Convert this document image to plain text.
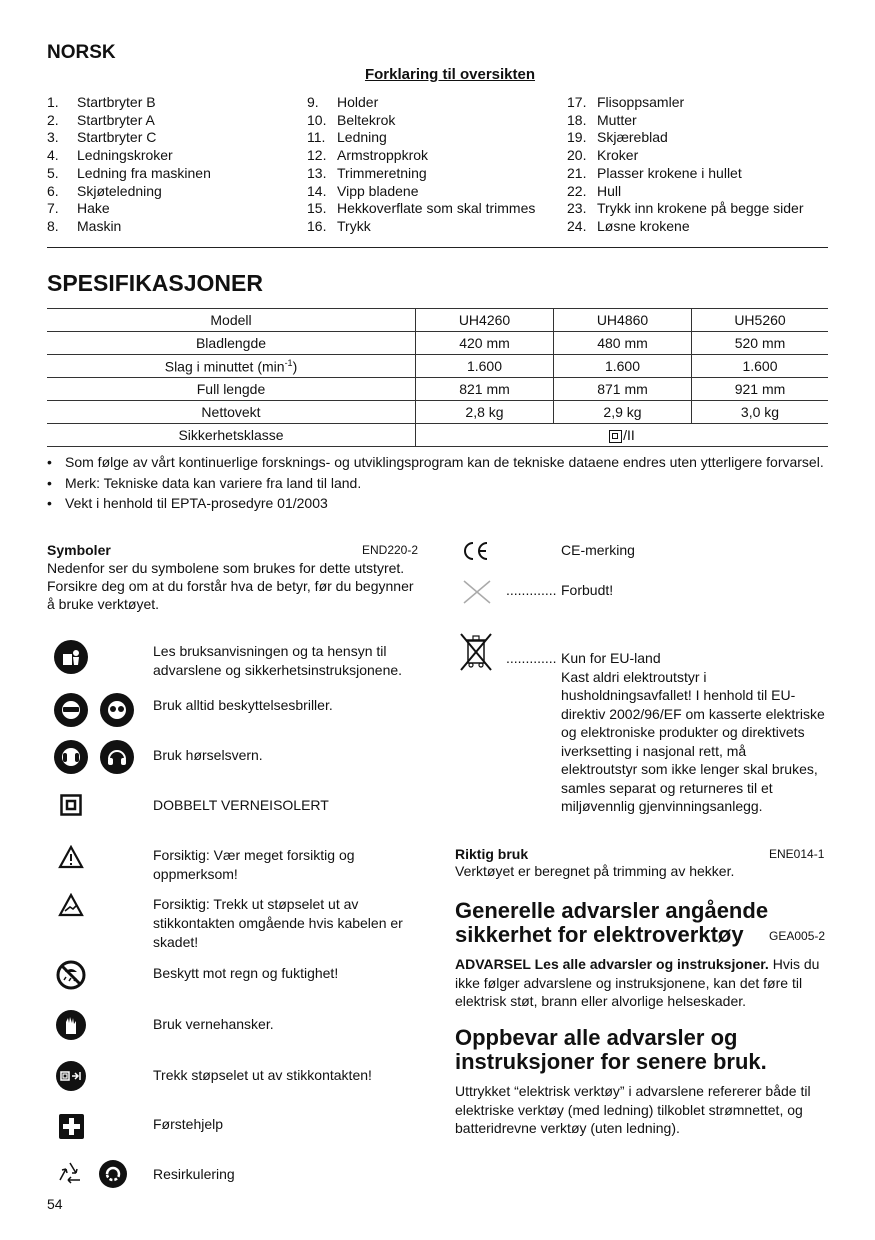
NORSK
Forklaring til oversikten
1.	Startbryter B
2.	Startbryter A
3.	Startbryter C
4.	Ledningskroker
5.	Ledning fra maskinen
6.	Skjøteledning
7.	Hake
8.	Maskin
9.	Holder
10. Beltekrok
11. Ledning
12. Armstroppkrok
13. Trimmeretning
14. Vipp bladene
15. Hekkoverflate som skal trimmes
16. Trykk
17. Flisoppsamler
18. Mutter
19. Skjæreblad
20. Kroker
21. Plasser krokene i hullet
22. Hull
23. Trykk inn krokene på begge sider
24. Løsne krokene
SPESIFIKASJONER
Modell	UH4260	UH4860	UH5260
Bladlengde	420 mm	480 mm	520 mm
Slag i minuttet $(\min^{-1})$	1.600	1.600	1.600
Full lengde	821 mm	871 mm	921 mm
Nettovekt	2,8 kg	2,9 kg	3,0 kg
Sikkerhetsklasse	/II		
• Som følge av vårt kontinuerlige forsknings- og utviklingsprogram kan de tekniske dataene endres uten ytterligere forvarsel.
• Merk: Tekniske data kan variere fra land til land.
• Vekt i henhold til EPTA-prosedyre 01/2003
Symboler	END220-2
Nedenfor ser du symbolene som brukes for dette utstyret. Forsikre deg om at du forstår hva de betyr, før du begynner å bruke verktøyet.
Les bruksanvisningen og ta hensyn til advarslene og sikkerhetsinstruksjonene.
Bruk alltid beskyttelsesbriller.
Bruk hørselsvern.
DOBBELT VERNEISOLERT
Forsiktig: Vær meget forsiktig og oppmerksom!
Forsiktig: Trekk ut støpselet ut av stikkontakten omgående hvis kabelen er skadet!
Beskytt mot regn og fuktighet!
Bruk vernehansker.
Trekk støpselet ut av stikkontakten!
Førstehjelp
Resirkulering
54
CE-merking
............. Forbudt!
............. Kun for EU-land
Kast aldri elektroutstyr i husholdningsavfallet! I henhold til EU-direktiv 2002/96/EF om kasserte elektriske og elektroniske produkter og direktivets iverksetting i nasjonal rett, må elektroutstyr som ikke lenger skal brukes, samles separat og returneres til et miljøvennlig gjenvinningsanlegg.
Riktig bruk	ENE014-1
Verktøyet er beregnet på trimming av hekker.
Generelle advarsler angående sikkerhet for elektroverktøy	GEA005-2
ADVARSEL Les alle advarsler og instruksjoner. Hvis du ikke følger advarslene og instruksjonene, kan det føre til elektrisk støt, brann eller alvorlige helseskader.
Oppbevar alle advarsler og instruksjoner for senere bruk.
Uttrykket “elektrisk verktøy” i advarslene refererer både til elektriske verktøy (med ledning) tilkoblet strømnettet, og batteridrevne verktøy (uten ledning).
